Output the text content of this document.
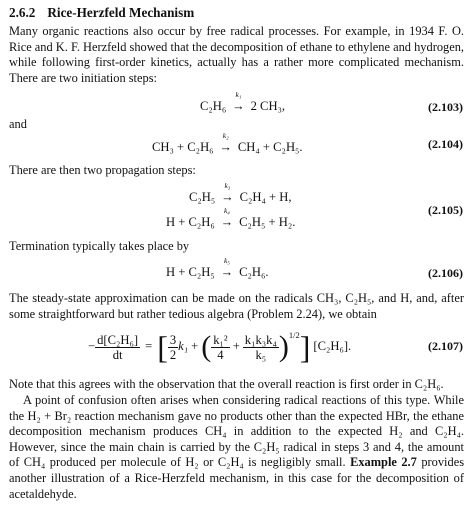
2.6.2 Rice-Herzfeld Mechanism
Many organic reactions also occur by free radical processes. For example, in 1934 F. O. Rice and K. F. Herzfeld showed that the decomposition of ethane to ethylene and hydrogen, while following first-order kinetics, actually has a rather more complicated mechanism. There are two initiation steps:
C₂H₆
k₁
→ 2 CH₃,	(2.103)
and
CH₃ + C₂H₆
k₂
→ CH₄ + C₂H₅.	(2.104)
There are then two propagation steps:
C₂H₅
k₃
→ C₂H₄ + H,
H + C₂H₆
k₄
→ C₂H₅ + H₂.
(2.105)
Termination typically takes place by
H + C₂H₅
k₅
→ C₂H₆.	(2.106)
The steady-state approximation can be made on the radicals CH₃, C₂H₅, and H, and, after some straightforward but rather tedious algebra (Problem 2.24), we obtain
− $\frac{\text{d[C₂H₆]}}{dt}$ = [ $\frac{3}{2} k_1$ + ( $\frac{\text{k₁²}}{4} + \frac{\text{k₁k₃k₄}}{\text{k₅}} )^{1/2}$ ] [C₂H₆].	(2.107)
Note that this agrees with the observation that the overall reaction is first order in C₂H₆.
A point of confusion often arises when considering radical reactions of this type. While the H₂ + Br₂ reaction mechanism gave no products other than the expected HBr, the ethane decomposition mechanism produces CH₄ in addition to the expected H₂ and C₂H₄. However, since the main chain is carried by the C₂H₅ radical in steps 3 and 4, the amount of CH₄ produced per molecule of H₂ or C₂H₄ is negligibly small. Example 2.7 provides another illustration of a Rice-Herzfeld mechanism, in this case for the decomposition of acetaldehyde.
